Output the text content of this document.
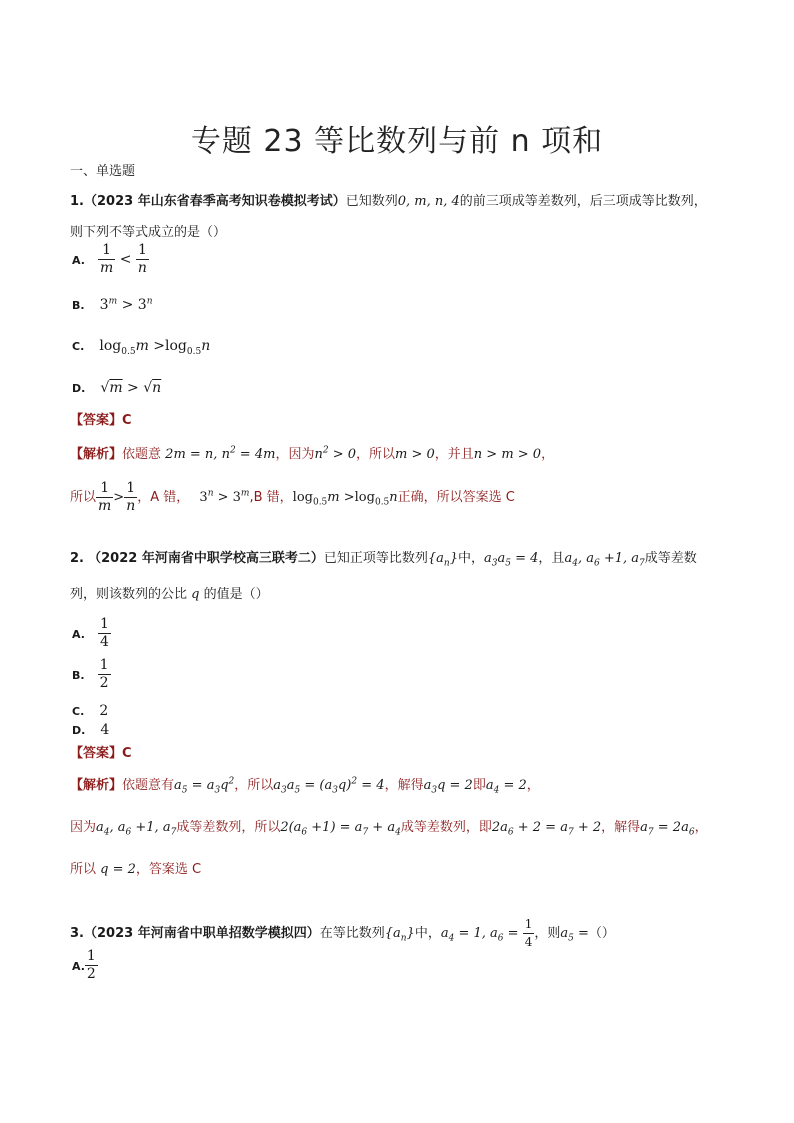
专题 23 等比数列与前 n 项和
一、单选题
1.（2023 年山东省春季高考知识卷模拟考试）已知数列0, m, n, 4的前三项成等差数列，后三项成等比数列，
则下列不等式成立的是（）
A. $\frac{1}{m} < \frac{1}{n}$
B. $3^m > 3^n$
C. $\log_{0.5}m >\log_{0.5}n$
D. √m > √n
【答案】C
【解析】依题意 2m = n, $n^2 = 4m$，因为$n^2 > 0$，所以m > 0，并且n > m > 0，
所以 $\frac{1}{m} > \frac{1}{n}$ ，A 错， $3^n > 3^m,B$ 错，$\log_{0.5}m >\log_{0.5}n$正确，所以答案选 C
2. （2022 年河南省中职学校高三联考二）已知正项等比数列$\{a_n\}$中，$a_3a_5 = 4$，且$a_4$, $a_6 +1$, $a_7$成等差数
列，则该数列的公比 q 的值是（）
A. $\frac{1}{4}$
B. $\frac{1}{2}$
C. 2
D. 4
【答案】C
【解析】依题意有$a_5 = a_3q^2$，所以$a_3a_5 = (a_3q)^2 = 4$，解得$a_3q = 2$即$a_4 = 2$，
因为$a_4$, $a_6 +1$, $a_7$成等差数列，所以$2(a_6 +1) = a_7 + a_4$成等差数列，即$2a_6 + 2 = a_7 + 2$，解得$a_7 = 2a_6$，
所以 q = 2，答案选 C
3.（2023 年河南省中职单招数学模拟四）在等比数列$\{a_n\}$中，$a_4 = 1$, $a_6 = \frac{1}{4}$ ，则$a_5$ =（）
A. $\frac{1}{2}$
